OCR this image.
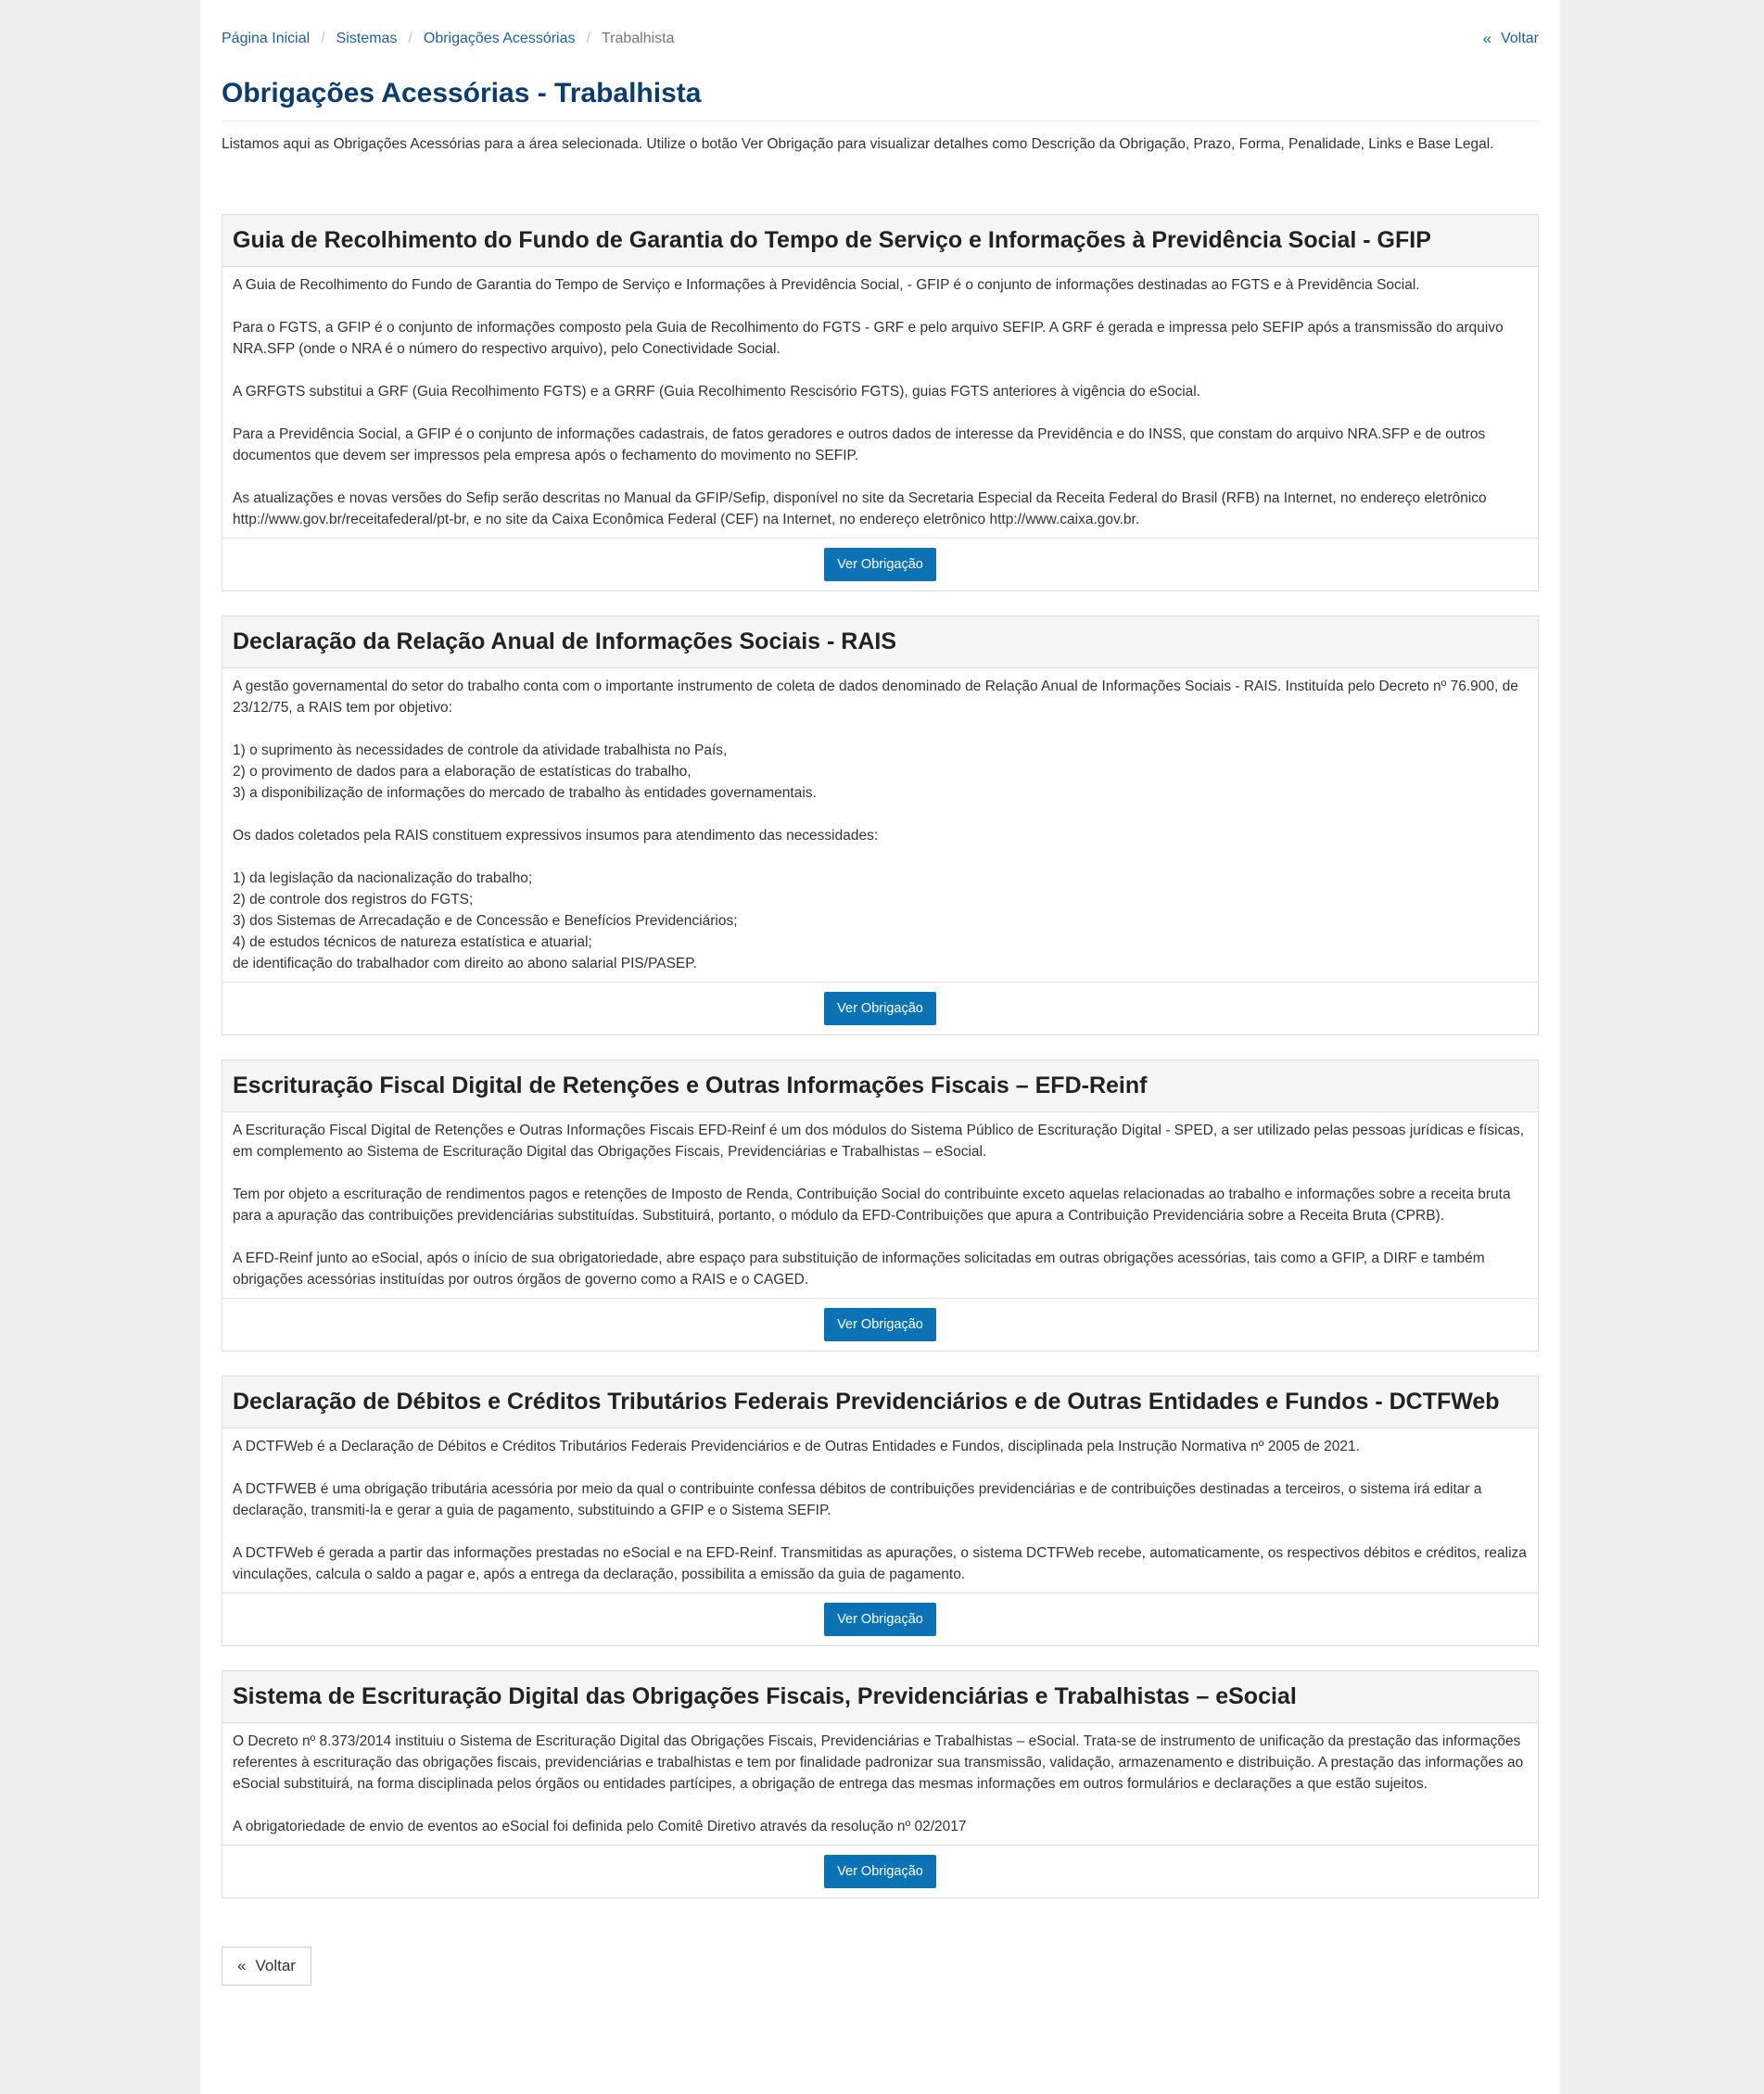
Página Inicial / Sistemas / Obrigações Acessórias / Trabalhista	« Voltar
Obrigações Acessórias - Trabalhista

Listamos aqui as Obrigações Acessórias para a área selecionada. Utilize o botão Ver Obrigação para visualizar detalhes como Descrição da Obrigação, Prazo, Forma, Penalidade, Links e Base Legal.

Guia de Recolhimento do Fundo de Garantia do Tempo de Serviço e Informações à Previdência Social - GFIP

A Guia de Recolhimento do Fundo de Garantia do Tempo de Serviço e Informações à Previdência Social, - GFIP é o conjunto de informações destinadas ao FGTS e à Previdência Social.

Para o FGTS, a GFIP é o conjunto de informações composto pela Guia de Recolhimento do FGTS - GRF e pelo arquivo SEFIP. A GRF é gerada e impressa pelo SEFIP após a transmissão do arquivo NRA.SFP (onde o NRA é o número do respectivo arquivo), pelo Conectividade Social.

A GRFGTS substitui a GRF (Guia Recolhimento FGTS) e a GRRF (Guia Recolhimento Rescisório FGTS), guias FGTS anteriores à vigência do eSocial.

Para a Previdência Social, a GFIP é o conjunto de informações cadastrais, de fatos geradores e outros dados de interesse da Previdência e do INSS, que constam do arquivo NRA.SFP e de outros documentos que devem ser impressos pela empresa após o fechamento do movimento no SEFIP.

As atualizações e novas versões do Sefip serão descritas no Manual da GFIP/Sefip, disponível no site da Secretaria Especial da Receita Federal do Brasil (RFB) na Internet, no endereço eletrônico http://www.gov.br/receitafederal/pt-br, e no site da Caixa Econômica Federal (CEF) na Internet, no endereço eletrônico http://www.caixa.gov.br.

Ver Obrigação
Declaração da Relação Anual de Informações Sociais - RAIS

A gestão governamental do setor do trabalho conta com o importante instrumento de coleta de dados denominado de Relação Anual de Informações Sociais - RAIS. Instituída pelo Decreto nº 76.900, de 23/12/75, a RAIS tem por objetivo:

1) o suprimento às necessidades de controle da atividade trabalhista no País,
2) o provimento de dados para a elaboração de estatísticas do trabalho,
3) a disponibilização de informações do mercado de trabalho às entidades governamentais.

Os dados coletados pela RAIS constituem expressivos insumos para atendimento das necessidades:

1) da legislação da nacionalização do trabalho;
2) de controle dos registros do FGTS;
3) dos Sistemas de Arrecadação e de Concessão e Benefícios Previdenciários;
4) de estudos técnicos de natureza estatística e atuarial;
de identificação do trabalhador com direito ao abono salarial PIS/PASEP.

Ver Obrigação
Escrituração Fiscal Digital de Retenções e Outras Informações Fiscais – EFD-Reinf

A Escrituração Fiscal Digital de Retenções e Outras Informações Fiscais EFD-Reinf é um dos módulos do Sistema Público de Escrituração Digital - SPED, a ser utilizado pelas pessoas jurídicas e físicas, em complemento ao Sistema de Escrituração Digital das Obrigações Fiscais, Previdenciárias e Trabalhistas – eSocial.

Tem por objeto a escrituração de rendimentos pagos e retenções de Imposto de Renda, Contribuição Social do contribuinte exceto aquelas relacionadas ao trabalho e informações sobre a receita bruta para a apuração das contribuições previdenciárias substituídas. Substituirá, portanto, o módulo da EFD-Contribuições que apura a Contribuição Previdenciária sobre a Receita Bruta (CPRB).

A EFD-Reinf junto ao eSocial, após o início de sua obrigatoriedade, abre espaço para substituição de informações solicitadas em outras obrigações acessórias, tais como a GFIP, a DIRF e também obrigações acessórias instituídas por outros órgãos de governo como a RAIS e o CAGED.

Ver Obrigação
Declaração de Débitos e Créditos Tributários Federais Previdenciários e de Outras Entidades e Fundos - DCTFWeb

A DCTFWeb é a Declaração de Débitos e Créditos Tributários Federais Previdenciários e de Outras Entidades e Fundos, disciplinada pela Instrução Normativa nº 2005 de 2021.

A DCTFWEB é uma obrigação tributária acessória por meio da qual o contribuinte confessa débitos de contribuições previdenciárias e de contribuições destinadas a terceiros, o sistema irá editar a declaração, transmiti-la e gerar a guia de pagamento, substituindo a GFIP e o Sistema SEFIP.

A DCTFWeb é gerada a partir das informações prestadas no eSocial e na EFD-Reinf. Transmitidas as apurações, o sistema DCTFWeb recebe, automaticamente, os respectivos débitos e créditos, realiza vinculações, calcula o saldo a pagar e, após a entrega da declaração, possibilita a emissão da guia de pagamento.

Ver Obrigação
Sistema de Escrituração Digital das Obrigações Fiscais, Previdenciárias e Trabalhistas – eSocial

O Decreto nº 8.373/2014 instituiu o Sistema de Escrituração Digital das Obrigações Fiscais, Previdenciárias e Trabalhistas – eSocial. Trata-se de instrumento de unificação da prestação das informações referentes à escrituração das obrigações fiscais, previdenciárias e trabalhistas e tem por finalidade padronizar sua transmissão, validação, armazenamento e distribuição. A prestação das informações ao eSocial substituirá, na forma disciplinada pelos órgãos ou entidades partícipes, a obrigação de entrega das mesmas informações em outros formulários e declarações a que estão sujeitos.

A obrigatoriedade de envio de eventos ao eSocial foi definida pelo Comitê Diretivo através da resolução nº 02/2017

Ver Obrigação
« Voltar
